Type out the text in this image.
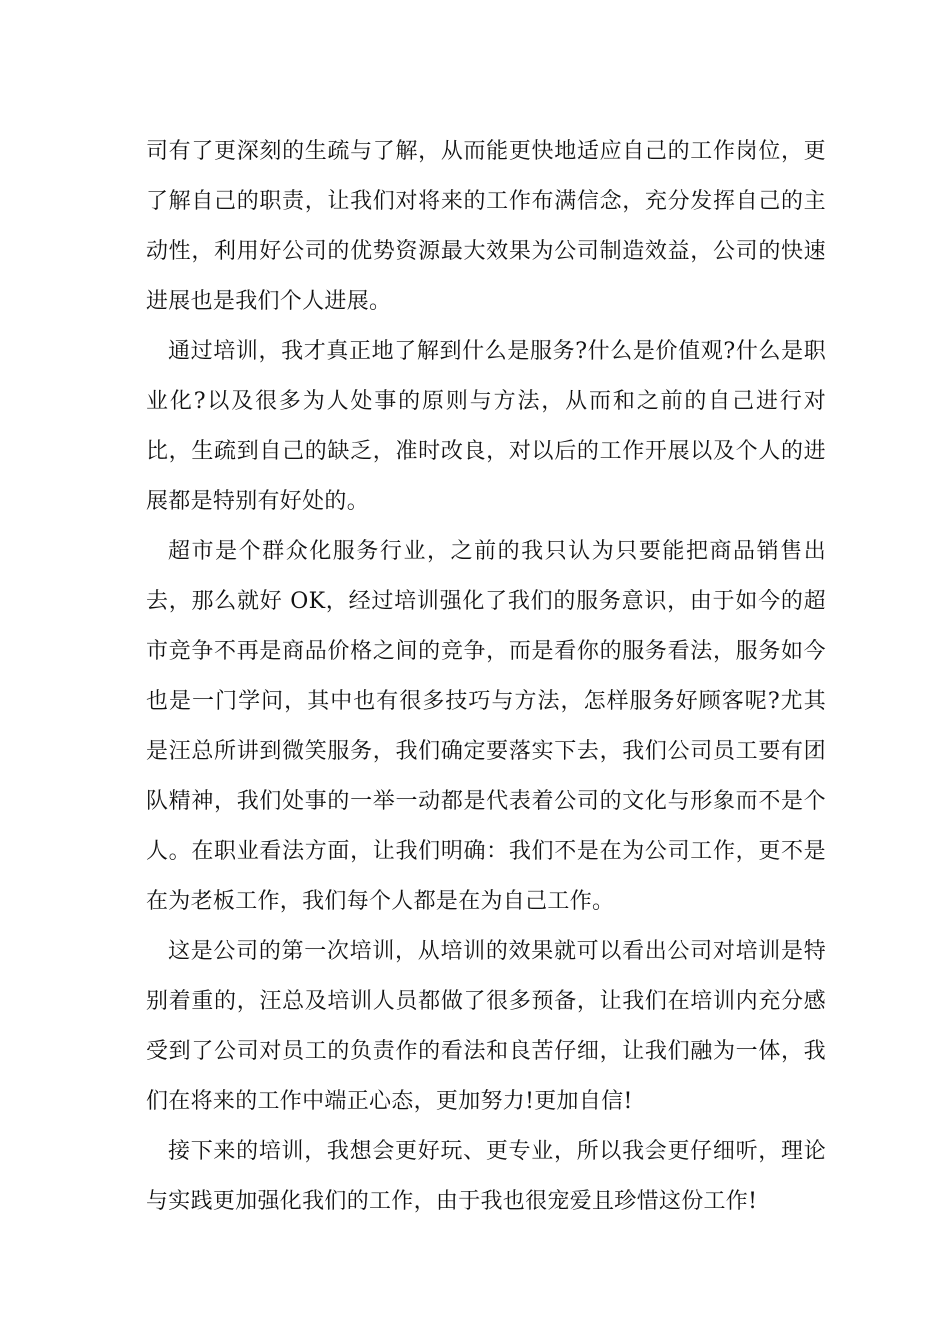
司有了更深刻的生疏与了解，从而能更快地适应自己的工作岗位，更了解自己的职责，让我们对将来的工作布满信念，充分发挥自己的主动性，利用好公司的优势资源最大效果为公司制造效益，公司的快速进展也是我们个人进展。

通过培训，我才真正地了解到什么是服务?什么是价值观?什么是职业化?以及很多为人处事的原则与方法，从而和之前的自己进行对比，生疏到自己的缺乏，准时改良，对以后的工作开展以及个人的进展都是特别有好处的。

超市是个群众化服务行业，之前的我只认为只要能把商品销售出去，那么就好 OK，经过培训强化了我们的服务意识，由于如今的超市竞争不再是商品价格之间的竞争，而是看你的服务看法，服务如今也是一门学问，其中也有很多技巧与方法，怎样服务好顾客呢?尤其是汪总所讲到微笑服务，我们确定要落实下去，我们公司员工要有团队精神，我们处事的一举一动都是代表着公司的文化与形象而不是个人。在职业看法方面，让我们明确：我们不是在为公司工作，更不是在为老板工作，我们每个人都是在为自己工作。

这是公司的第一次培训，从培训的效果就可以看出公司对培训是特别着重的，汪总及培训人员都做了很多预备，让我们在培训内充分感受到了公司对员工的负责作的看法和良苦仔细，让我们融为一体，我们在将来的工作中端正心态，更加努力!更加自信!

接下来的培训，我想会更好玩、更专业，所以我会更仔细听，理论与实践更加强化我们的工作，由于我也很宠爱且珍惜这份工作!
